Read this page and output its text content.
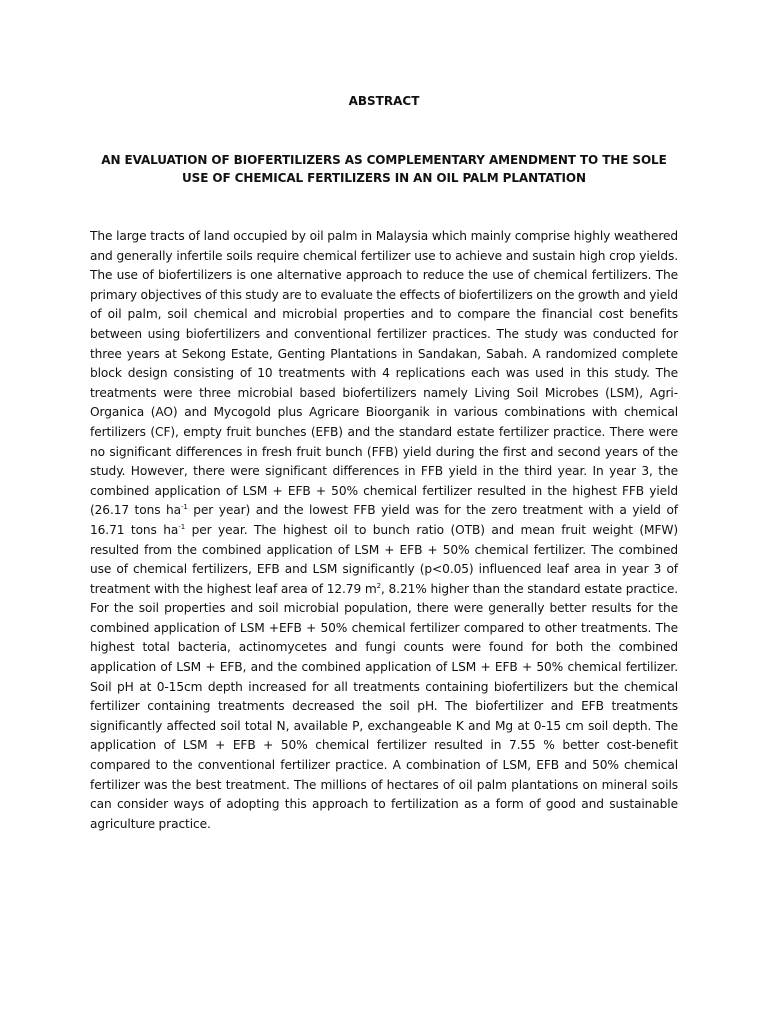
ABSTRACT
AN EVALUATION OF BIOFERTILIZERS AS COMPLEMENTARY AMENDMENT TO THE SOLE USE OF CHEMICAL FERTILIZERS IN AN OIL PALM PLANTATION

The large tracts of land occupied by oil palm in Malaysia which mainly comprise highly weathered and generally infertile soils require chemical fertilizer use to achieve and sustain high crop yields. The use of biofertilizers is one alternative approach to reduce the use of chemical fertilizers. The primary objectives of this study are to evaluate the effects of biofertilizers on the growth and yield of oil palm, soil chemical and microbial properties and to compare the financial cost benefits between using biofertilizers and conventional fertilizer practices. The study was conducted for three years at Sekong Estate, Genting Plantations in Sandakan, Sabah. A randomized complete block design consisting of 10 treatments with 4 replications each was used in this study. The treatments were three microbial based biofertilizers namely Living Soil Microbes (LSM), Agri-Organica (AO) and Mycogold plus Agricare Bioorganik in various combinations with chemical fertilizers (CF), empty fruit bunches (EFB) and the standard estate fertilizer practice. There were no significant differences in fresh fruit bunch (FFB) yield during the first and second years of the study. However, there were significant differences in FFB yield in the third year. In year 3, the combined application of LSM + EFB + 50% chemical fertilizer resulted in the highest FFB yield (26.17 tons $ha^{-1}$ per year) and the lowest FFB yield was for the zero treatment with a yield of 16.71 tons $ha^{-1}$ per year. The highest oil to bunch ratio (OTB) and mean fruit weight (MFW) resulted from the combined application of LSM + EFB + 50% chemical fertilizer. The combined use of chemical fertilizers, EFB and LSM significantly (p<0.05) influenced leaf area in year 3 of treatment with the highest leaf area of 12.79 $m^2$, 8.21% higher than the standard estate practice. For the soil properties and soil microbial population, there were generally better results for the combined application of LSM +EFB + 50% chemical fertilizer compared to other treatments. The highest total bacteria, actinomycetes and fungi counts were found for both the combined application of LSM + EFB, and the combined application of LSM + EFB + 50% chemical fertilizer. Soil pH at 0-15cm depth increased for all treatments containing biofertilizers but the chemical fertilizer containing treatments decreased the soil pH. The biofertilizer and EFB treatments significantly affected soil total N, available P, exchangeable K and Mg at 0-15 cm soil depth. The application of LSM + EFB + 50% chemical fertilizer resulted in 7.55 % better cost-benefit compared to the conventional fertilizer practice. A combination of LSM, EFB and 50% chemical fertilizer was the best treatment. The millions of hectares of oil palm plantations on mineral soils can consider ways of adopting this approach to fertilization as a form of good and sustainable agriculture practice.
